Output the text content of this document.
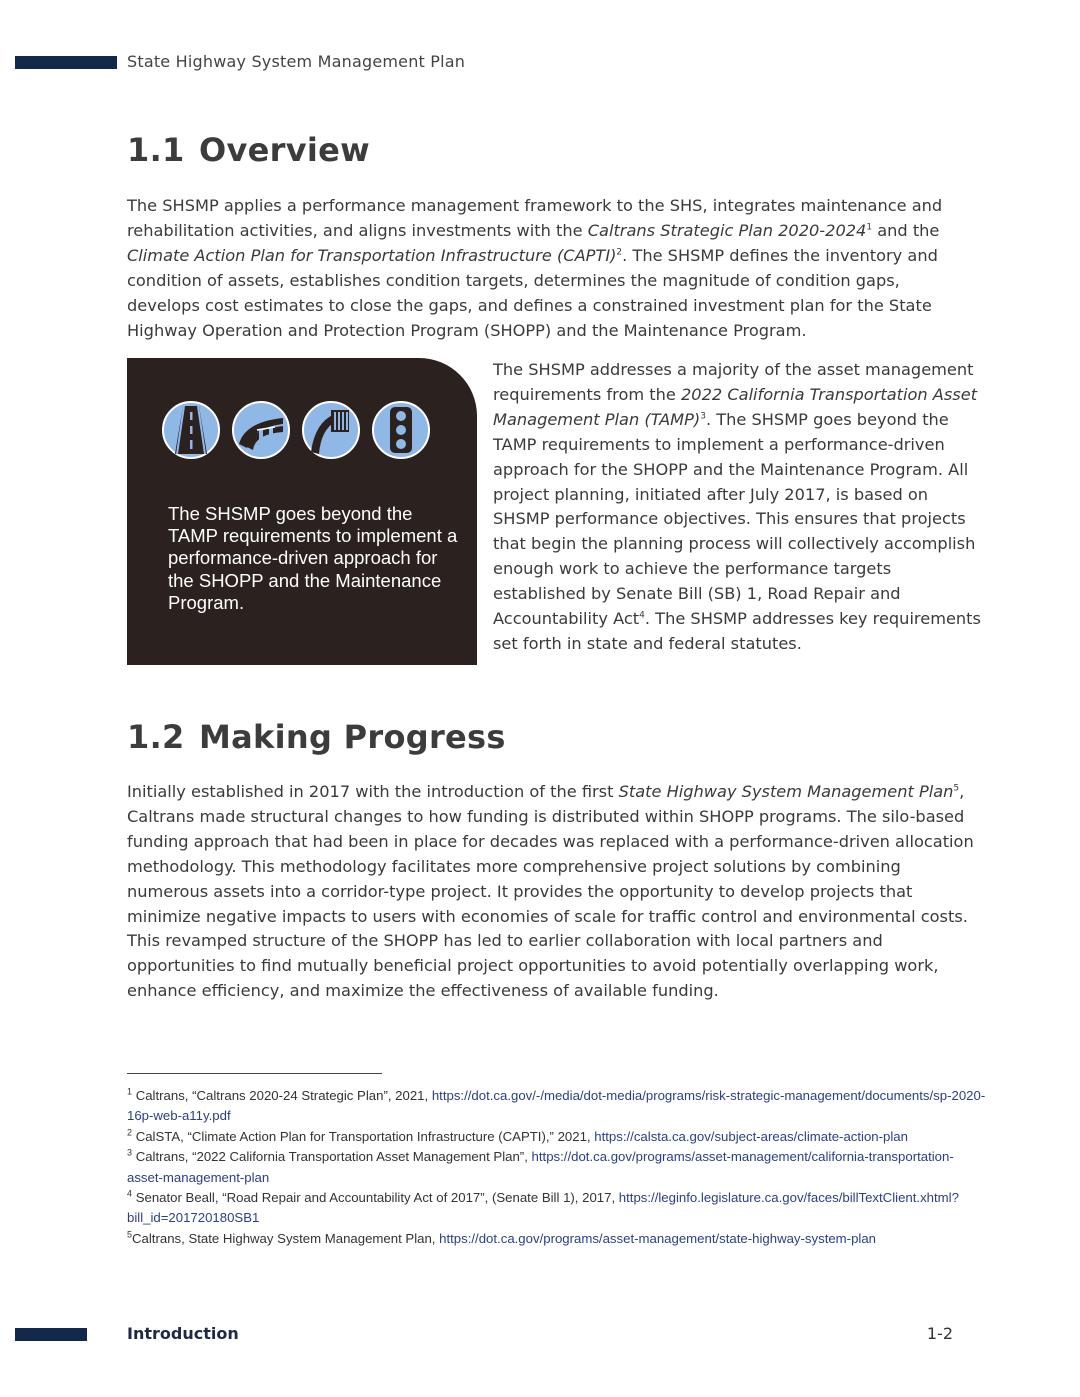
State Highway System Management Plan
1.1 Overview

The SHSMP applies a performance management framework to the SHS, integrates maintenance and rehabilitation activities, and aligns investments with the Caltrans Strategic Plan 2020-2024$^1$ and the Climate Action Plan for Transportation Infrastructure (CAPTI)$^2$. The SHSMP defines the inventory and condition of assets, establishes condition targets, determines the magnitude of condition gaps, develops cost estimates to close the gaps, and defines a constrained investment plan for the State Highway Operation and Protection Program (SHOPP) and the Maintenance Program.

The SHSMP goes beyond the TAMP requirements to implement a performance-driven approach for the SHOPP and the Maintenance Program.

The SHSMP addresses a majority of the asset management requirements from the 2022 California Transportation Asset Management Plan (TAMP)$^3$. The SHSMP goes beyond the TAMP requirements to implement a performance-driven approach for the SHOPP and the Maintenance Program. All project planning, initiated after July 2017, is based on SHSMP performance objectives. This ensures that projects that begin the planning process will collectively accomplish enough work to achieve the performance targets established by Senate Bill (SB) 1, Road Repair and Accountability Act$^4$. The SHSMP addresses key requirements set forth in state and federal statutes.

1.2 Making Progress

Initially established in 2017 with the introduction of the first State Highway System Management Plan$^5$, Caltrans made structural changes to how funding is distributed within SHOPP programs. The silo-based funding approach that had been in place for decades was replaced with a performance-driven allocation methodology. This methodology facilitates more comprehensive project solutions by combining numerous assets into a corridor-type project. It provides the opportunity to develop projects that minimize negative impacts to users with economies of scale for traffic control and environmental costs. This revamped structure of the SHOPP has led to earlier collaboration with local partners and opportunities to find mutually beneficial project opportunities to avoid potentially overlapping work, enhance efficiency, and maximize the effectiveness of available funding.

$^1$ Caltrans, “Caltrans 2020-24 Strategic Plan”, 2021, https://dot.ca.gov/-/media/dot-media/programs/risk-strategic-management/documents/sp-2020-16p-web-a11y.pdf

$^2$ CalSTA, “Climate Action Plan for Transportation Infrastructure (CAPTI),” 2021, https://calsta.ca.gov/subject-areas/climate-action-plan

$^3$ Caltrans, “2022 California Transportation Asset Management Plan”, https://dot.ca.gov/programs/asset-management/california-transportation-asset-management-plan

$^4$ Senator Beall, “Road Repair and Accountability Act of 2017”, (Senate Bill 1), 2017, https://leginfo.legislature.ca.gov/faces/billTextClient.xhtml?bill_id=201720180SB1

$^5$Caltrans, State Highway System Management Plan, https://dot.ca.gov/programs/asset-management/state-highway-system-plan

Introduction	1-2
